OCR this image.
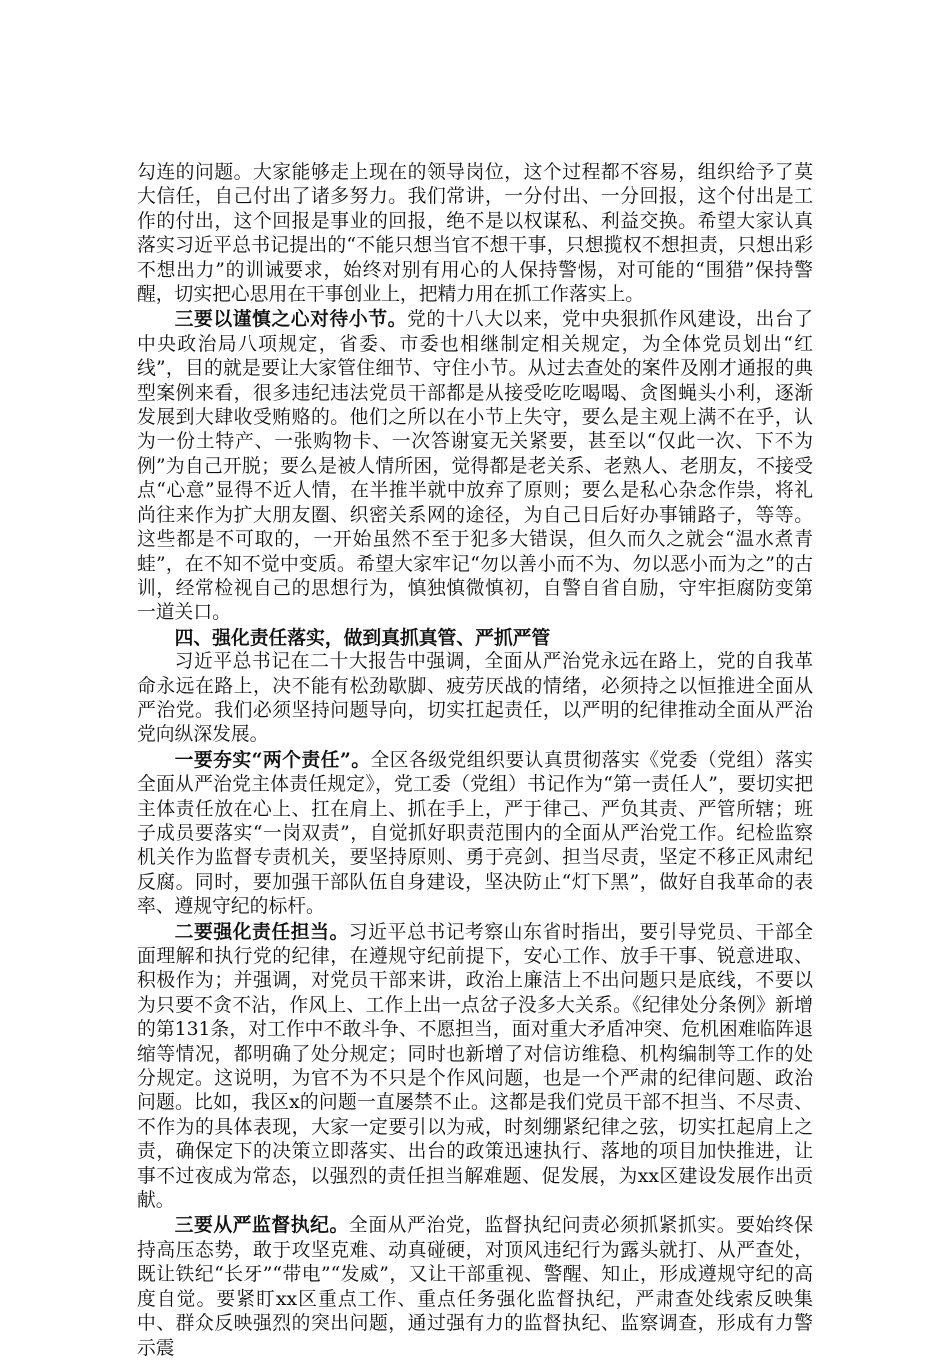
勾连的问题。大家能够走上现在的领导岗位，这个过程都不容易，组织给予了莫大信任，自己付出了诸多努力。我们常讲，一分付出、一分回报，这个付出是工作的付出，这个回报是事业的回报，绝不是以权谋私、利益交换。希望大家认真落实习近平总书记提出的“不能只想当官不想干事，只想揽权不想担责，只想出彩不想出力”的训诫要求，始终对别有用心的人保持警惕，对可能的“围猎”保持警醒，切实把心思用在干事创业上，把精力用在抓工作落实上。

三要以谨慎之心对待小节。党的十八大以来，党中央狠抓作风建设，出台了中央政治局八项规定，省委、市委也相继制定相关规定，为全体党员划出“红线”，目的就是要让大家管住细节、守住小节。从过去查处的案件及刚才通报的典型案例来看，很多违纪违法党员干部都是从接受吃吃喝喝、贪图蝇头小利，逐渐发展到大肆收受贿赂的。他们之所以在小节上失守，要么是主观上满不在乎，认为一份土特产、一张购物卡、一次答谢宴无关紧要，甚至以“仅此一次、下不为例”为自己开脱；要么是被人情所困，觉得都是老关系、老熟人、老朋友，不接受点“心意”显得不近人情，在半推半就中放弃了原则；要么是私心杂念作祟，将礼尚往来作为扩大朋友圈、织密关系网的途径，为自己日后好办事铺路子，等等。这些都是不可取的，一开始虽然不至于犯多大错误，但久而久之就会“温水煮青蛙”，在不知不觉中变质。希望大家牢记“勿以善小而不为、勿以恶小而为之”的古训，经常检视自己的思想行为，慎独慎微慎初，自警自省自励，守牢拒腐防变第一道关口。

四、强化责任落实，做到真抓真管、严抓严管

习近平总书记在二十大报告中强调，全面从严治党永远在路上，党的自我革命永远在路上，决不能有松劲歇脚、疲劳厌战的情绪，必须持之以恒推进全面从严治党。我们必须坚持问题导向，切实扛起责任，以严明的纪律推动全面从严治党向纵深发展。

一要夯实“两个责任”。全区各级党组织要认真贯彻落实《党委（党组）落实全面从严治党主体责任规定》，党工委（党组）书记作为“第一责任人”，要切实把主体责任放在心上、扛在肩上、抓在手上，严于律己、严负其责、严管所辖；班子成员要落实“一岗双责”，自觉抓好职责范围内的全面从严治党工作。纪检监察机关作为监督专责机关，要坚持原则、勇于亮剑、担当尽责，坚定不移正风肃纪反腐。同时，要加强干部队伍自身建设，坚决防止“灯下黑”，做好自我革命的表率、遵规守纪的标杆。

二要强化责任担当。习近平总书记考察山东省时指出，要引导党员、干部全面理解和执行党的纪律，在遵规守纪前提下，安心工作、放手干事、锐意进取、积极作为；并强调，对党员干部来讲，政治上廉洁上不出问题只是底线，不要以为只要不贪不沾，作风上、工作上出一点岔子没多大关系。《纪律处分条例》新增的第131条，对工作中不敢斗争、不愿担当，面对重大矛盾冲突、危机困难临阵退缩等情况，都明确了处分规定；同时也新增了对信访维稳、机构编制等工作的处分规定。这说明，为官不为不只是个作风问题，也是一个严肃的纪律问题、政治问题。比如，我区x的问题一直屡禁不止。这都是我们党员干部不担当、不尽责、不作为的具体表现，大家一定要引以为戒，时刻绷紧纪律之弦，切实扛起肩上之责，确保定下的决策立即落实、出台的政策迅速执行、落地的项目加快推进，让事不过夜成为常态，以强烈的责任担当解难题、促发展，为xx区建设发展作出贡献。

三要从严监督执纪。全面从严治党，监督执纪问责必须抓紧抓实。要始终保持高压态势，敢于攻坚克难、动真碰硬，对顶风违纪行为露头就打、从严查处，既让铁纪“长牙”“带电”“发威”，又让干部重视、警醒、知止，形成遵规守纪的高度自觉。要紧盯xx区重点工作、重点任务强化监督执纪，严肃查处线索反映集中、群众反映强烈的突出问题，通过强有力的监督执纪、监察调查，形成有力警示震
